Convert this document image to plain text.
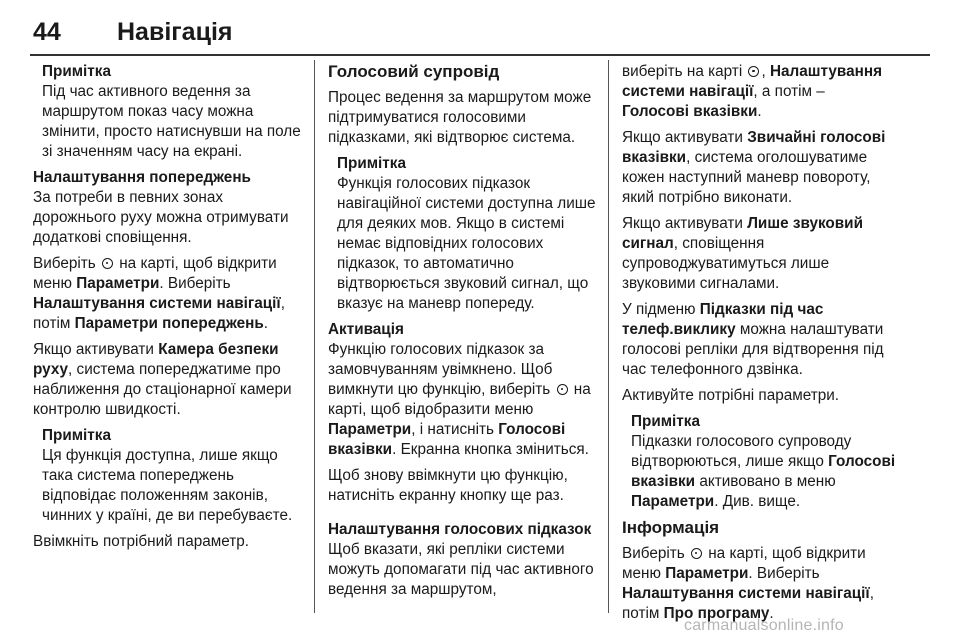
44 Навігація
Примітка
Під час активного ведення за маршрутом показ часу можна змінити, просто натиснувши на поле зі значенням часу на екрані.
Налаштування попереджень

За потреби в певних зонах дорожнього руху можна отримувати додаткові сповіщення.

Виберіть на карті, щоб відкрити меню Параметри. Виберіть Налаштування системи навігації, потім Параметри попереджень.

Якщо активувати Камера безпеки руху, система попереджатиме про наближення до стаціонарної камери контролю швидкості.

Примітка
Ця функція доступна, лише якщо така система попереджень відповідає положенням законів, чинних у країні, де ви перебуваєте.

Ввімкніть потрібний параметр.

Голосовий супровід

Процес ведення за маршрутом може підтримуватися голосовими підказками, які відтворює система.

Примітка
Функція голосових підказок навігаційної системи доступна лише для деяких мов. Якщо в системі немає відповідних голосових підказок, то автоматично відтворюється звуковий сигнал, що вказує на маневр попереду.
Активація

Функцію голосових підказок за замовчуванням увімкнено. Щоб вимкнути цю функцію, виберіть на карті, щоб відобразити меню Параметри, і натисніть Голосові вказівки. Екранна кнопка зміниться.

Щоб знову ввімкнути цю функцію, натисніть екранну кнопку ще раз.

Налаштування голосових підказок

Щоб вказати, які репліки системи можуть допомагати під час активного ведення за маршрутом,

виберіть на карті , Налаштування системи навігації, а потім – Голосові вказівки.

Якщо активувати Звичайні голосові вказівки, система оголошуватиме кожен наступний маневр повороту, який потрібно виконати.

Якщо активувати Лише звуковий сигнал, сповіщення супроводжуватимуться лише звуковими сигналами.

У підменю Підказки під час телеф.виклику можна налаштувати голосові репліки для відтворення під час телефонного дзвінка.

Активуйте потрібні параметри.

Примітка
Підказки голосового супроводу відтворюються, лише якщо Голосові вказівки активовано в меню Параметри. Див. вище.
Інформація

Виберіть на карті, щоб відкрити меню Параметри. Виберіть Налаштування системи навігації, потім Про програму.

carmanualsonline.info
